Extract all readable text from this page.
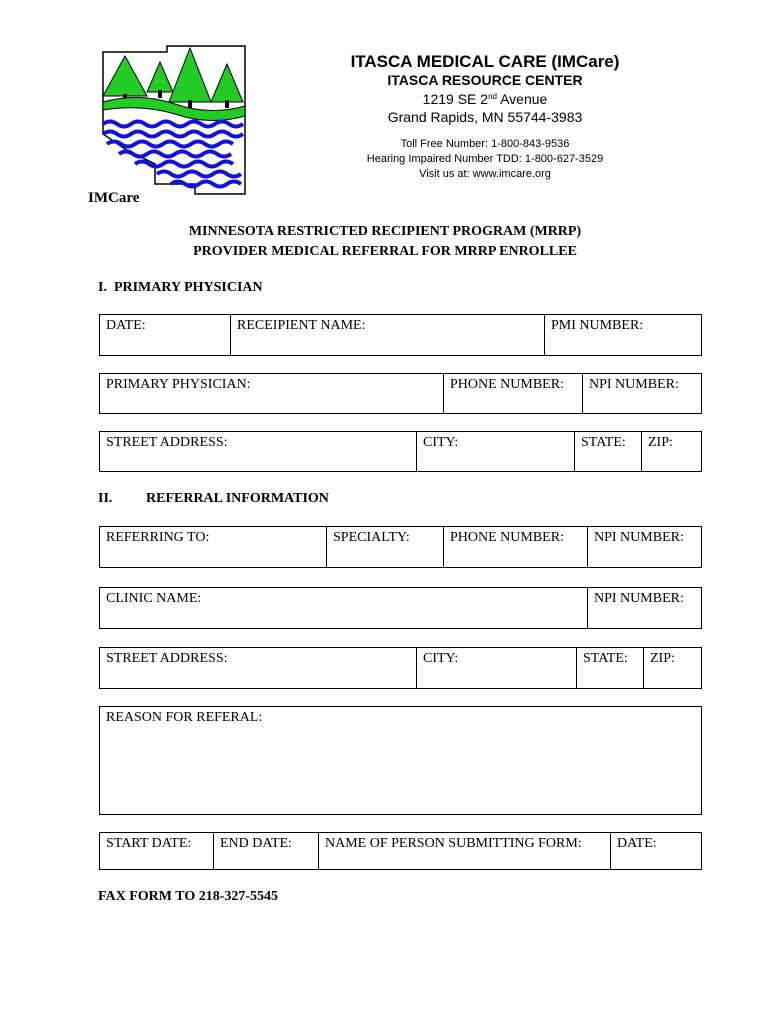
IMCare
ITASCA MEDICAL CARE (IMCare)
ITASCA RESOURCE CENTER
1219 SE 2nd Avenue
Grand Rapids, MN 55744-3983
Toll Free Number: 1-800-843-9536
Hearing Impaired Number TDD: 1-800-627-3529
Visit us at: www.imcare.org
MINNESOTA RESTRICTED RECIPIENT PROGRAM (MRRP)
PROVIDER MEDICAL REFERRAL FOR MRRP ENROLLEE
I.  PRIMARY PHYSICIAN
DATE:	RECEIPIENT NAME:	PMI NUMBER:
PRIMARY PHYSICIAN:	PHONE NUMBER:	NPI NUMBER:
STREET ADDRESS:	CITY:	STATE:	ZIP:
II. REFERRAL INFORMATION
REFERRING TO:	SPECIALTY:	PHONE NUMBER:	NPI NUMBER:
CLINIC NAME:	NPI NUMBER:
STREET ADDRESS:	CITY:	STATE:	ZIP:
REASON FOR REFERAL:
START DATE:	END DATE:	NAME OF PERSON SUBMITTING FORM:	DATE:
FAX FORM TO 218-327-5545
